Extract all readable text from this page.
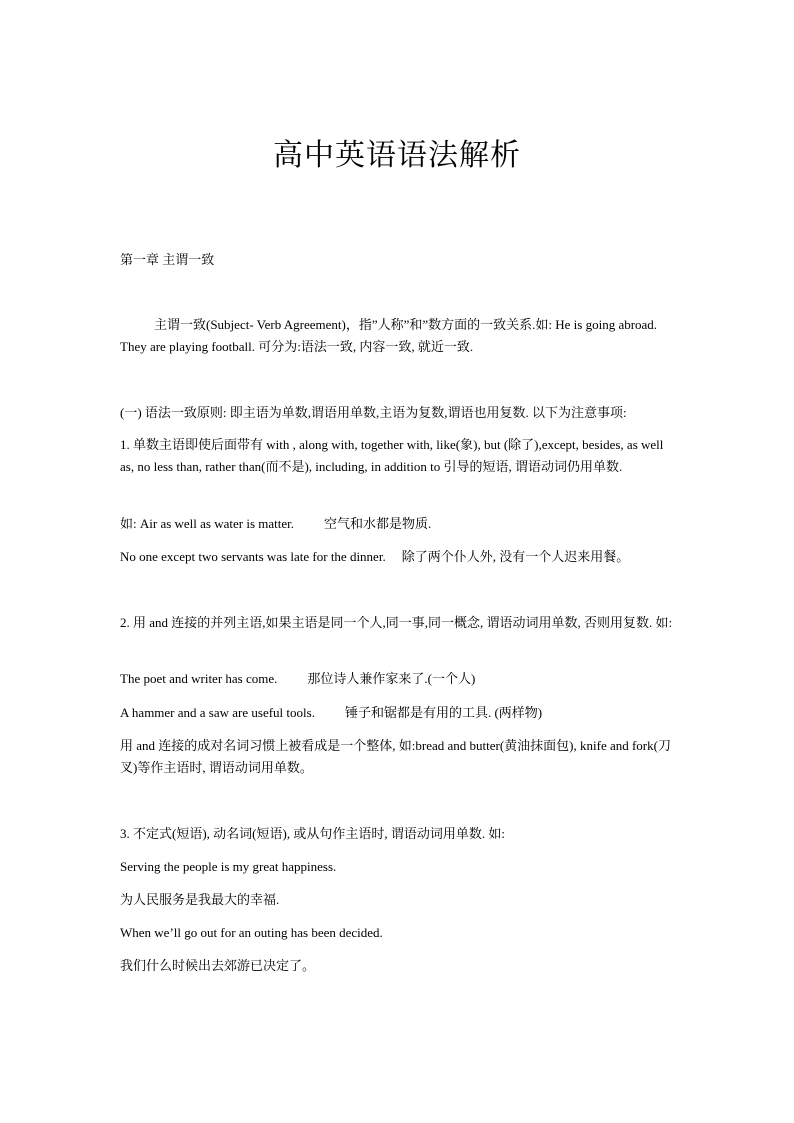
高中英语语法解析
第一章 主谓一致
主谓一致(Subject- Verb Agreement)，指”人称”和”数方面的一致关系.如: He is going abroad. They are playing football. 可分为:语法一致, 内容一致, 就近一致.
(一) 语法一致原则: 即主语为单数,谓语用单数,主语为复数,谓语也用复数. 以下为注意事项:
1. 单数主语即使后面带有 with , along with, together with, like(象), but (除了),except, besides, as well as, no less than, rather than(而不是), including, in addition to 引导的短语, 谓语动词仍用单数.
如: Air as well as water is matter. 空气和水都是物质.
No one except two servants was late for the dinner. 除了两个仆人外, 没有一个人迟来用餐。
2. 用 and 连接的并列主语,如果主语是同一个人,同一事,同一概念, 谓语动词用单数, 否则用复数. 如:
The poet and writer has come. 那位诗人兼作家来了.(一个人)
A hammer and a saw are useful tools. 锤子和锯都是有用的工具. (两样物)
用 and 连接的成对名词习惯上被看成是一个整体, 如:bread and butter(黄油抹面包), knife and fork(刀叉)等作主语时, 谓语动词用单数。
3. 不定式(短语), 动名词(短语), 或从句作主语时, 谓语动词用单数. 如:
Serving the people is my great happiness.
为人民服务是我最大的幸福.
When we’ll go out for an outing has been decided.
我们什么时候出去郊游已决定了。
